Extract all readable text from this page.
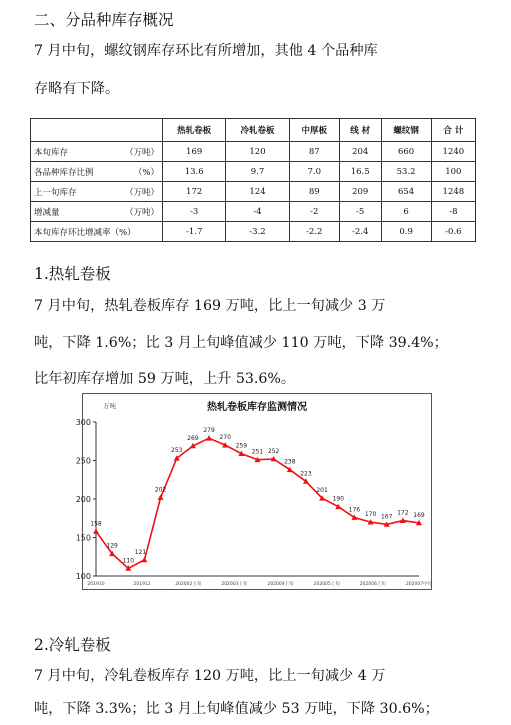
二、分品种库存概况

7 月中旬，螺纹钢库存环比有所增加，其他 4 个品种库

存略有下降。

	热轧卷板	冷轧卷板	中厚板	线 材	螺纹钢	合 计
本旬库存 （万吨）	169	120	87	204	660	1240
各品种库存比例 （%）	13.6	9.7	7.0	16.5	53.2	100
上一旬库存 （万吨）	172	124	89	209	654	1248
增减量 （万吨）	-3	-4	-2	-5	6	-8
本旬库存环比增减率（%）	-1.7	-3.2	-2.2	-2.4	0.9	-0.6
1.热轧卷板

7 月中旬，热轧卷板库存 169 万吨，比上一旬减少 3 万

吨，下降 1.6%；比 3 月上旬峰值减少 110 万吨，下降 39.4%；

比年初库存增加 59 万吨，上升 53.6%。

热轧卷板库存监测情况
万吨
100
150
200
250
300
201910	201912	202002上旬	202003上旬	202004上旬	202005上旬	202006上旬	202007中旬
158
129
110
121
202
253
269
279
270
259
251 252
238
223
201
190
176
170 167
172 169
2.冷轧卷板

7 月中旬，冷轧卷板库存 120 万吨，比上一旬减少 4 万

吨，下降 3.3%；比 3 月上旬峰值减少 53 万吨，下降 30.6%；
